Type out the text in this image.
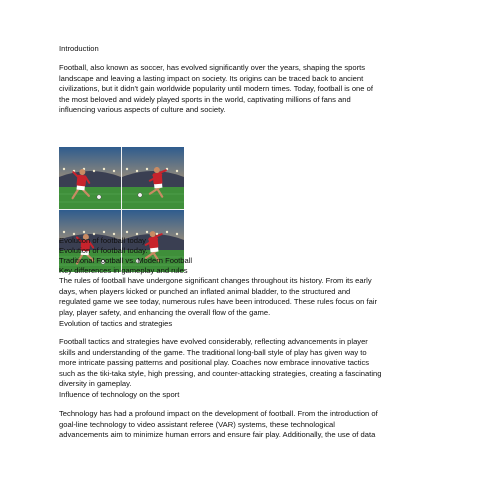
Introduction

Football, also known as soccer, has evolved significantly over the years, shaping the sports
landscape and leaving a lasting impact on society. Its origins can be traced back to ancient
civilizations, but it didn't gain worldwide popularity until modern times. Today, football is one of
the most beloved and widely played sports in the world, captivating millions of fans and
influencing various aspects of culture and society.

Evolution of football today

Evolution of football today.

Traditional Football vs. Modern Football

Key differences in gameplay and rules

The rules of football have undergone significant changes throughout its history. From its early
days, when players kicked or punched an inflated animal bladder, to the structured and
regulated game we see today, numerous rules have been introduced. These rules focus on fair
play, player safety, and enhancing the overall flow of the game.

Evolution of tactics and strategies

Football tactics and strategies have evolved considerably, reflecting advancements in player
skills and understanding of the game. The traditional long-ball style of play has given way to
more intricate passing patterns and positional play. Coaches now embrace innovative tactics
such as the tiki-taka style, high pressing, and counter-attacking strategies, creating a fascinating
diversity in gameplay.

Influence of technology on the sport

Technology has had a profound impact on the development of football. From the introduction of
goal-line technology to video assistant referee (VAR) systems, these technological
advancements aim to minimize human errors and ensure fair play. Additionally, the use of data
